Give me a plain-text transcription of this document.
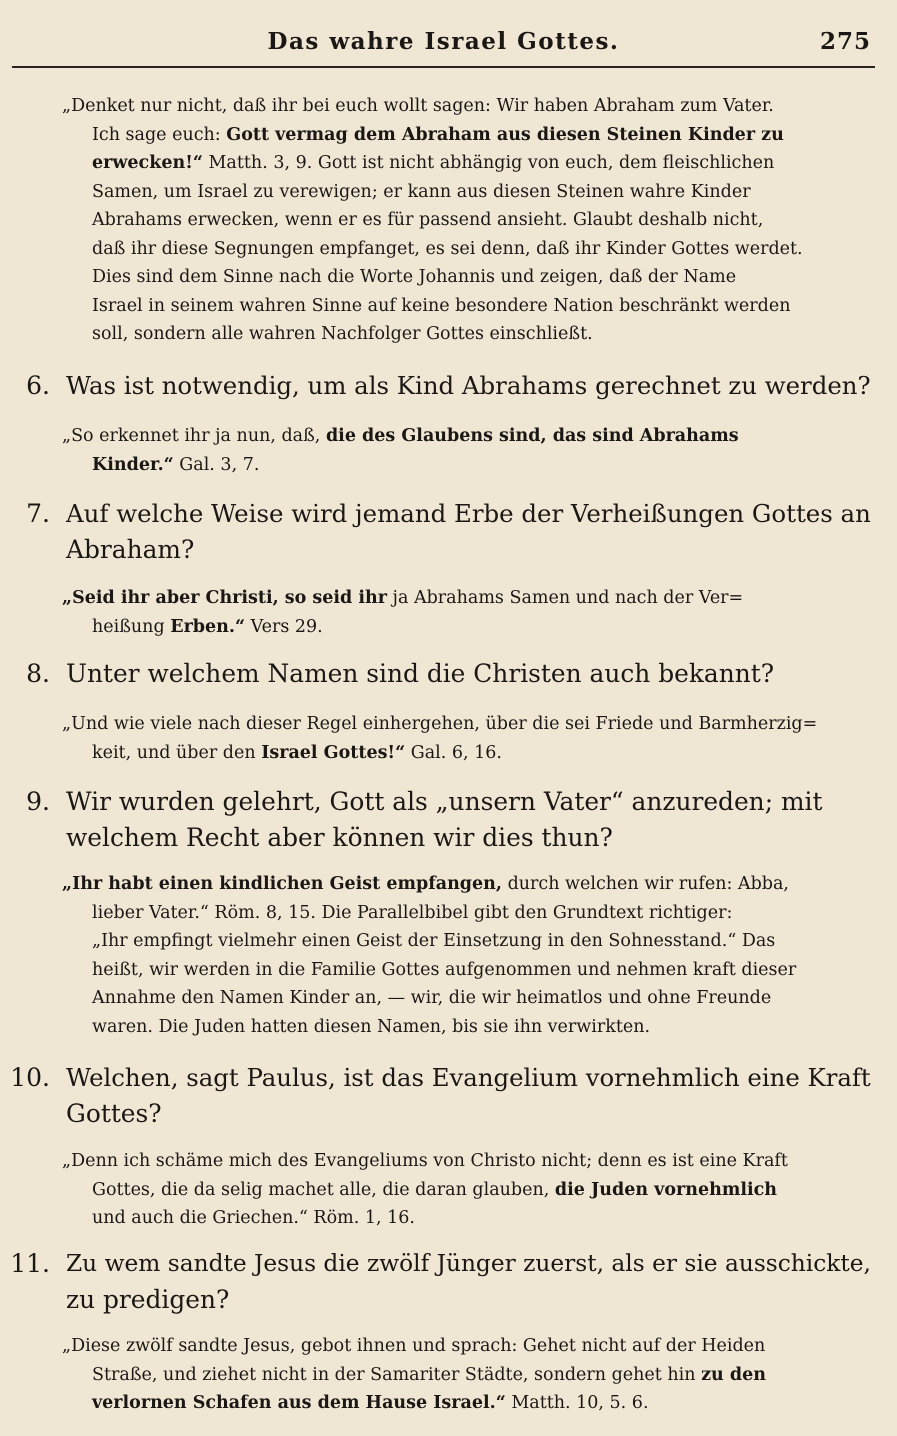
Das wahre Israel Gottes.	275
„Denket nur nicht, daß ihr bei euch wollt sagen: Wir haben Abraham zum Vater.
Ich sage euch: Gott vermag dem Abraham aus diesen Steinen Kinder zu
erwecken!“ Matth. 3, 9. Gott ist nicht abhängig von euch, dem fleischlichen
Samen, um Israel zu verewigen; er kann aus diesen Steinen wahre Kinder
Abrahams erwecken, wenn er es für passend ansieht. Glaubt deshalb nicht,
daß ihr diese Segnungen empfanget, es sei denn, daß ihr Kinder Gottes werdet.
Dies sind dem Sinne nach die Worte Johannis und zeigen, daß der Name
Israel in seinem wahren Sinne auf keine besondere Nation beschränkt werden
soll, sondern alle wahren Nachfolger Gottes einschließt.
6. Was ist notwendig, um als Kind Abrahams gerechnet zu werden?
„So erkennet ihr ja nun, daß, die des Glaubens sind, das sind Abrahams
Kinder.“ Gal. 3, 7.
7. Auf welche Weise wird jemand Erbe der Verheißungen Gottes an
Abraham?
„Seid ihr aber Christi, so seid ihr ja Abrahams Samen und nach der Ver=
heißung Erben.“ Vers 29.
8. Unter welchem Namen sind die Christen auch bekannt?
„Und wie viele nach dieser Regel einhergehen, über die sei Friede und Barmherzig=
keit, und über den Israel Gottes!“ Gal. 6, 16.
9. Wir wurden gelehrt, Gott als „unsern Vater“ anzureden; mit
welchem Recht aber können wir dies thun?
„Ihr habt einen kindlichen Geist empfangen, durch welchen wir rufen: Abba,
lieber Vater.“ Röm. 8, 15. Die Parallelbibel gibt den Grundtext richtiger:
„Ihr empfingt vielmehr einen Geist der Einsetzung in den Sohnesstand.“ Das
heißt, wir werden in die Familie Gottes aufgenommen und nehmen kraft dieser
Annahme den Namen Kinder an, — wir, die wir heimatlos und ohne Freunde
waren. Die Juden hatten diesen Namen, bis sie ihn verwirkten.
10. Welchen, sagt Paulus, ist das Evangelium vornehmlich eine Kraft
Gottes?
„Denn ich schäme mich des Evangeliums von Christo nicht; denn es ist eine Kraft
Gottes, die da selig machet alle, die daran glauben, die Juden vornehmlich
und auch die Griechen.“ Röm. 1, 16.
11. Zu wem sandte Jesus die zwölf Jünger zuerst, als er sie ausschickte,
zu predigen?
„Diese zwölf sandte Jesus, gebot ihnen und sprach: Gehet nicht auf der Heiden
Straße, und ziehet nicht in der Samariter Städte, sondern gehet hin zu den
verlornen Schafen aus dem Hause Israel.“ Matth. 10, 5. 6.
